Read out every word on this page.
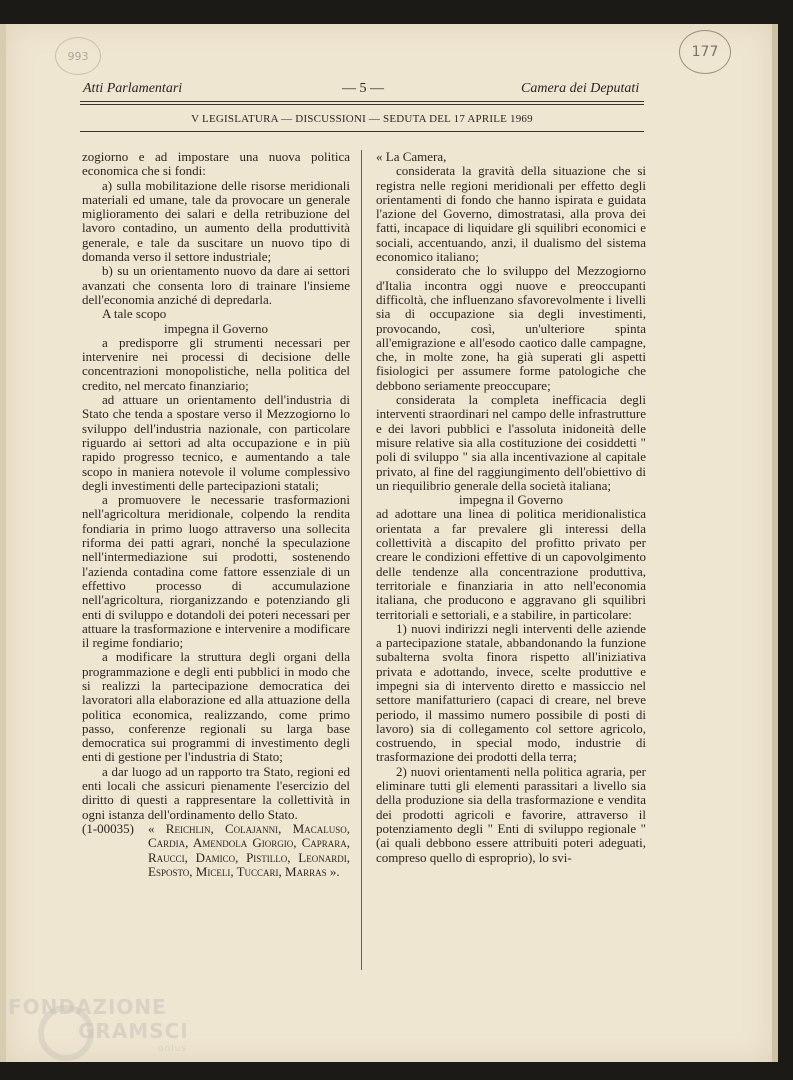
993	177
Atti Parlamentari	— 5 —	Camera dei Deputati
V LEGISLATURA — DISCUSSIONI — SEDUTA DEL 17 APRILE 1969

zogiorno e ad impostare una nuova politica economica che si fondi:

a) sulla mobilitazione delle risorse meridionali materiali ed umane, tale da provocare un generale miglioramento dei salari e della retribuzione del lavoro contadino, un aumento della produttività generale, e tale da suscitare un nuovo tipo di domanda verso il settore industriale;

b) su un orientamento nuovo da dare ai settori avanzati che consenta loro di trainare l'insieme dell'economia anziché di depredarla.

A tale scopo

impegna il Governo

a predisporre gli strumenti necessari per intervenire nei processi di decisione delle concentrazioni monopolistiche, nella politica del credito, nel mercato finanziario;

ad attuare un orientamento dell'industria di Stato che tenda a spostare verso il Mezzogiorno lo sviluppo dell'industria nazionale, con particolare riguardo ai settori ad alta occupazione e in più rapido progresso tecnico, e aumentando a tale scopo in maniera notevole il volume complessivo degli investimenti delle partecipazioni statali;

a promuovere le necessarie trasformazioni nell'agricoltura meridionale, colpendo la rendita fondiaria in primo luogo attraverso una sollecita riforma dei patti agrari, nonché la speculazione nell'intermediazione sui prodotti, sostenendo l'azienda contadina come fattore essenziale di un effettivo processo di accumulazione nell'agricoltura, riorganizzando e potenziando gli enti di sviluppo e dotandoli dei poteri necessari per attuare la trasformazione e intervenire a modificare il regime fondiario;

a modificare la struttura degli organi della programmazione e degli enti pubblici in modo che si realizzi la partecipazione democratica dei lavoratori alla elaborazione ed alla attuazione della politica economica, realizzando, come primo passo, conferenze regionali su larga base democratica sui programmi di investimento degli enti di gestione per l'industria di Stato;

a dar luogo ad un rapporto tra Stato, regioni ed enti locali che assicuri pienamente l'esercizio del diritto di questi a rappresentare la collettività in ogni istanza dell'ordinamento dello Stato.

(1-00035)	« Reichlin, Colajanni, Macaluso, Cardia, Amendola Giorgio, Caprara, Raucci, Damico, Pistillo, Leonardi, Esposto, Miceli, Tuccari, Marras ».

« La Camera,

considerata la gravità della situazione che si registra nelle regioni meridionali per effetto degli orientamenti di fondo che hanno ispirata e guidata l'azione del Governo, dimostratasi, alla prova dei fatti, incapace di liquidare gli squilibri economici e sociali, accentuando, anzi, il dualismo del sistema economico italiano;

considerato che lo sviluppo del Mezzogiorno d'Italia incontra oggi nuove e preoccupanti difficoltà, che influenzano sfavorevolmente i livelli sia di occupazione sia degli investimenti, provocando, così, un'ulteriore spinta all'emigrazione e all'esodo caotico dalle campagne, che, in molte zone, ha già superati gli aspetti fisiologici per assumere forme patologiche che debbono seriamente preoccupare;

considerata la completa inefficacia degli interventi straordinari nel campo delle infrastrutture e dei lavori pubblici e l'assoluta inidoneità delle misure relative sia alla costituzione dei cosiddetti " poli di sviluppo " sia alla incentivazione al capitale privato, al fine del raggiungimento dell'obiettivo di un riequilibrio generale della società italiana;

impegna il Governo

ad adottare una linea di politica meridionalistica orientata a far prevalere gli interessi della collettività a discapito del profitto privato per creare le condizioni effettive di un capovolgimento delle tendenze alla concentrazione produttiva, territoriale e finanziaria in atto nell'economia italiana, che producono e aggravano gli squilibri territoriali e settoriali, e a stabilire, in particolare:

1) nuovi indirizzi negli interventi delle aziende a partecipazione statale, abbandonando la funzione subalterna svolta finora rispetto all'iniziativa privata e adottando, invece, scelte produttive e impegni sia di intervento diretto e massiccio nel settore manifatturiero (capaci di creare, nel breve periodo, il massimo numero possibile di posti di lavoro) sia di collegamento col settore agricolo, costruendo, in special modo, industrie di trasformazione dei prodotti della terra;

2) nuovi orientamenti nella politica agraria, per eliminare tutti gli elementi parassitari a livello sia della produzione sia della trasformazione e vendita dei prodotti agricoli e favorire, attraverso il potenziamento degli " Enti di sviluppo regionale " (ai quali debbono essere attribuiti poteri adeguati, compreso quello di esproprio), lo svi-

FONDAZIONE
GRAMSCI
onlus
